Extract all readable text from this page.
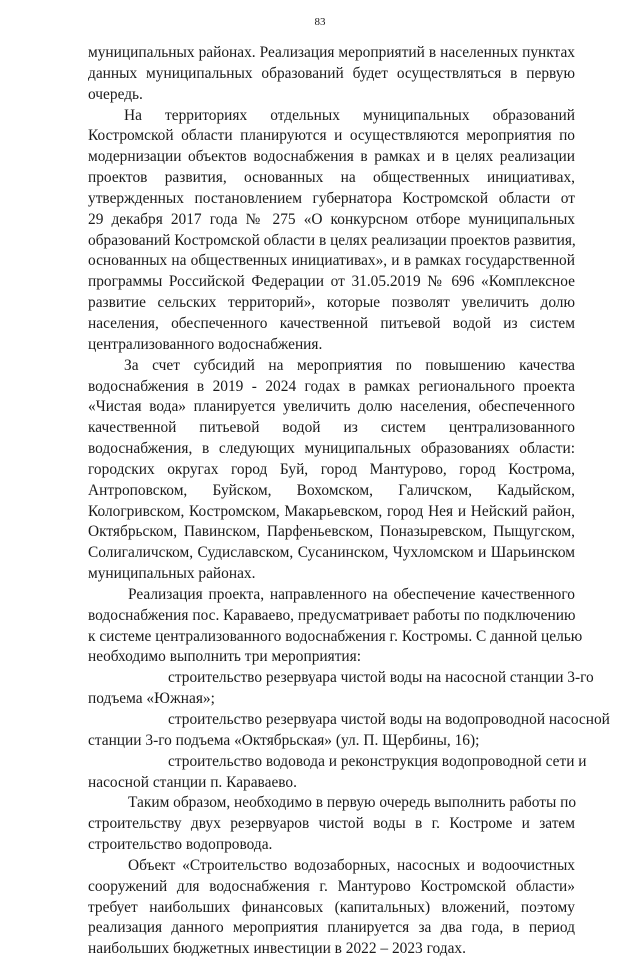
83
муниципальных районах. Реализация мероприятий в населенных пунктах
данных муниципальных образований будет осуществляться в первую
очередь.
На территориях отдельных муниципальных образований
Костромской области планируются и осуществляются мероприятия по
модернизации объектов водоснабжения в рамках и в целях реализации
проектов развития, основанных на общественных инициативах,
утвержденных постановлением губернатора Костромской области от
29 декабря 2017 года № 275 «О конкурсном отборе муниципальных
образований Костромской области в целях реализации проектов развития,
основанных на общественных инициативах», и в рамках государственной
программы Российской Федерации от 31.05.2019 № 696 «Комплексное
развитие сельских территорий», которые позволят увеличить долю
населения, обеспеченного качественной питьевой водой из систем
централизованного водоснабжения.
За счет субсидий на мероприятия по повышению качества
водоснабжения в 2019 - 2024 годах в рамках регионального проекта
«Чистая вода» планируется увеличить долю населения, обеспеченного
качественной питьевой водой из систем централизованного
водоснабжения, в следующих муниципальных образованиях области:
городских округах город Буй, город Мантурово, город Кострома,
Антроповском, Буйском, Вохомском, Галичском, Кадыйском,
Кологривском, Костромском, Макарьевском, город Нея и Нейский район,
Октябрьском, Павинском, Парфеньевском, Поназыревском, Пыщугском,
Солигаличском, Судиславском, Сусанинском, Чухломском и Шарьинском
муниципальных районах.
Реализация проекта, направленного на обеспечение качественного
водоснабжения пос. Караваево, предусматривает работы по подключению
к системе централизованного водоснабжения г. Костромы. С данной целью
необходимо выполнить три мероприятия:
строительство резервуара чистой воды на насосной станции 3-го
подъема «Южная»;
строительство резервуара чистой воды на водопроводной насосной
станции 3-го подъема «Октябрьская» (ул. П. Щербины, 16);
строительство водовода и реконструкция водопроводной сети и
насосной станции п. Караваево.
Таким образом, необходимо в первую очередь выполнить работы по
строительству двух резервуаров чистой воды в г. Костроме и затем
строительство водопровода.
Объект «Строительство водозаборных, насосных и водоочистных
сооружений для водоснабжения г. Мантурово Костромской области»
требует наибольших финансовых (капитальных) вложений, поэтому
реализация данного мероприятия планируется за два года, в период
наибольших бюджетных инвестиции в 2022 – 2023 годах.
